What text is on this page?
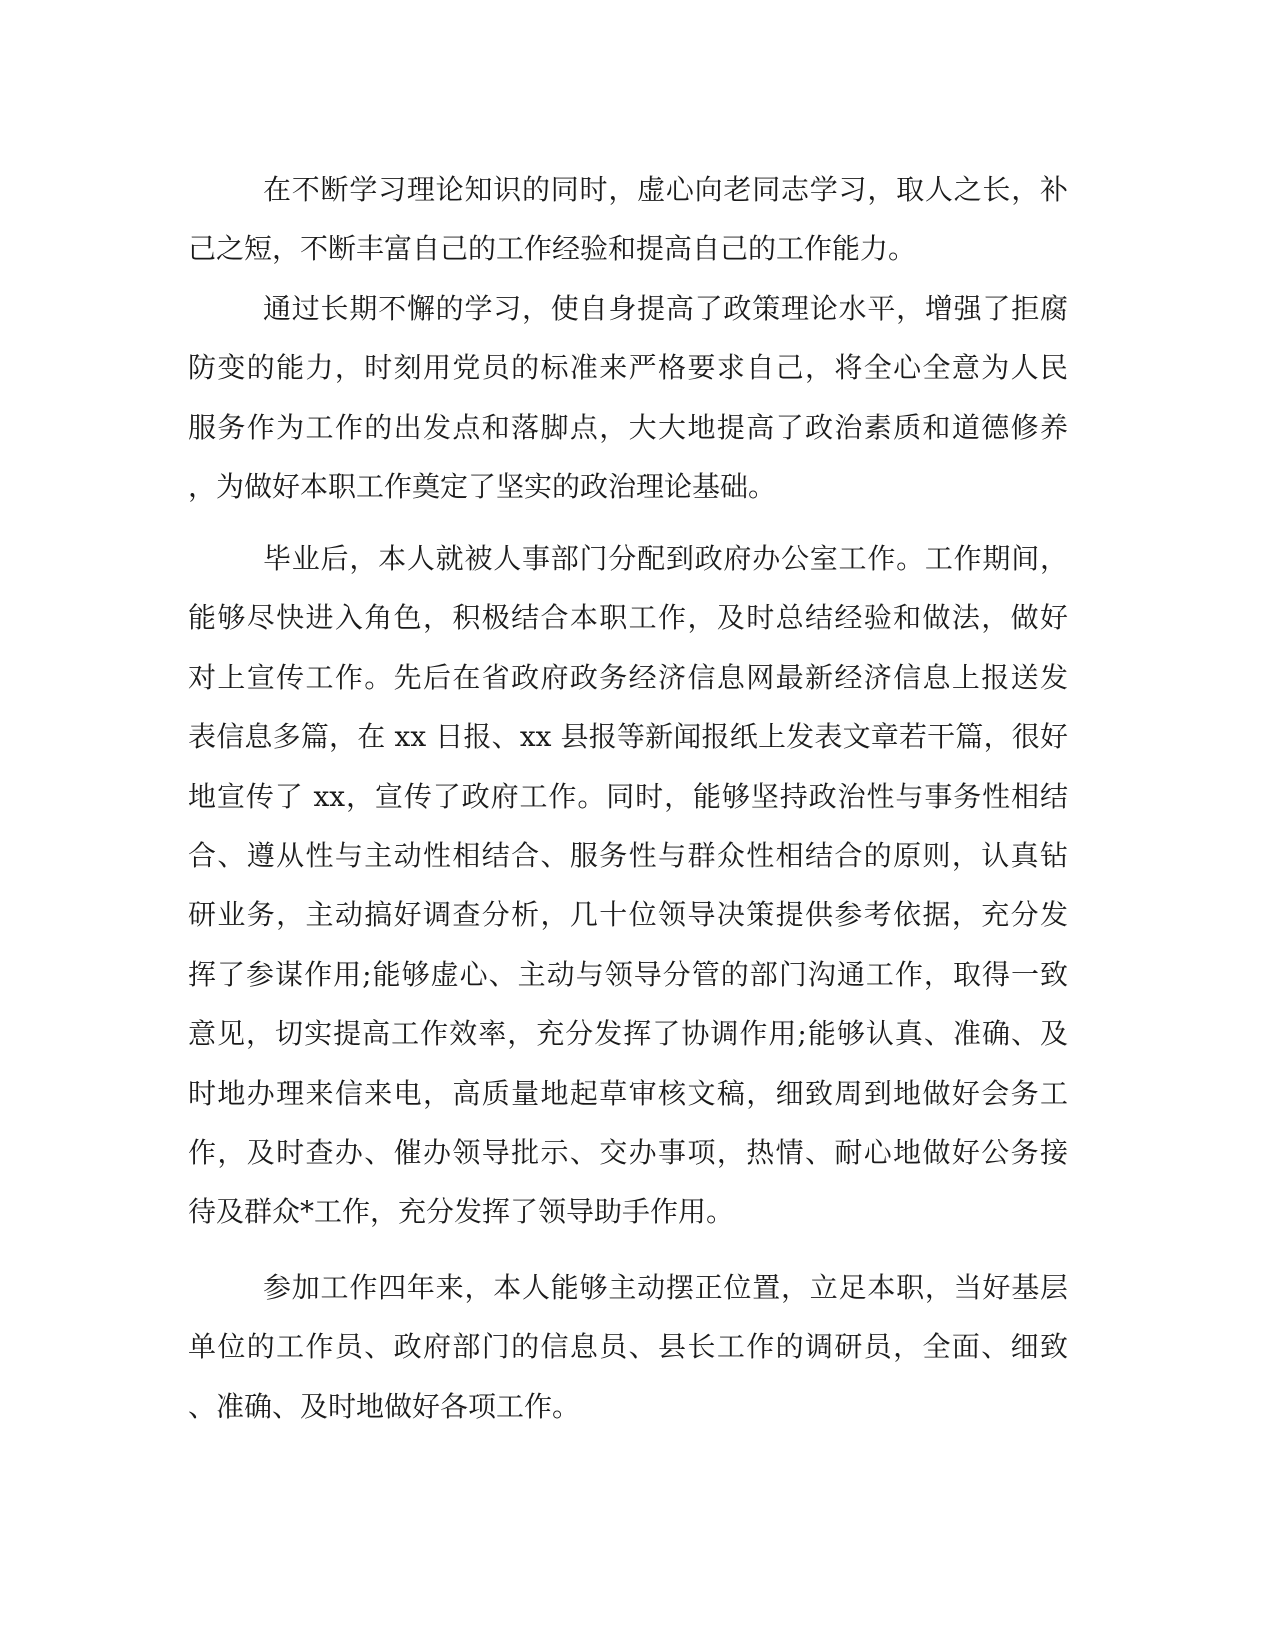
在不断学习理论知识的同时，虚心向老同志学习，取人之长，补
己之短，不断丰富自己的工作经验和提高自己的工作能力。
通过长期不懈的学习，使自身提高了政策理论水平，增强了拒腐
防变的能力，时刻用党员的标准来严格要求自己，将全心全意为人民
服务作为工作的出发点和落脚点，大大地提高了政治素质和道德修养
，为做好本职工作奠定了坚实的政治理论基础。
毕业后，本人就被人事部门分配到政府办公室工作。工作期间，
能够尽快进入角色，积极结合本职工作，及时总结经验和做法，做好
对上宣传工作。先后在省政府政务经济信息网最新经济信息上报送发
表信息多篇，在 xx 日报、xx 县报等新闻报纸上发表文章若干篇，很好
地宣传了 xx，宣传了政府工作。同时，能够坚持政治性与事务性相结
合、遵从性与主动性相结合、服务性与群众性相结合的原则，认真钻
研业务，主动搞好调查分析，几十位领导决策提供参考依据，充分发
挥了参谋作用;能够虚心、主动与领导分管的部门沟通工作，取得一致
意见，切实提高工作效率，充分发挥了协调作用;能够认真、准确、及
时地办理来信来电，高质量地起草审核文稿，细致周到地做好会务工
作，及时查办、催办领导批示、交办事项，热情、耐心地做好公务接
待及群众*工作，充分发挥了领导助手作用。
参加工作四年来，本人能够主动摆正位置，立足本职，当好基层
单位的工作员、政府部门的信息员、县长工作的调研员，全面、细致
、准确、及时地做好各项工作。
